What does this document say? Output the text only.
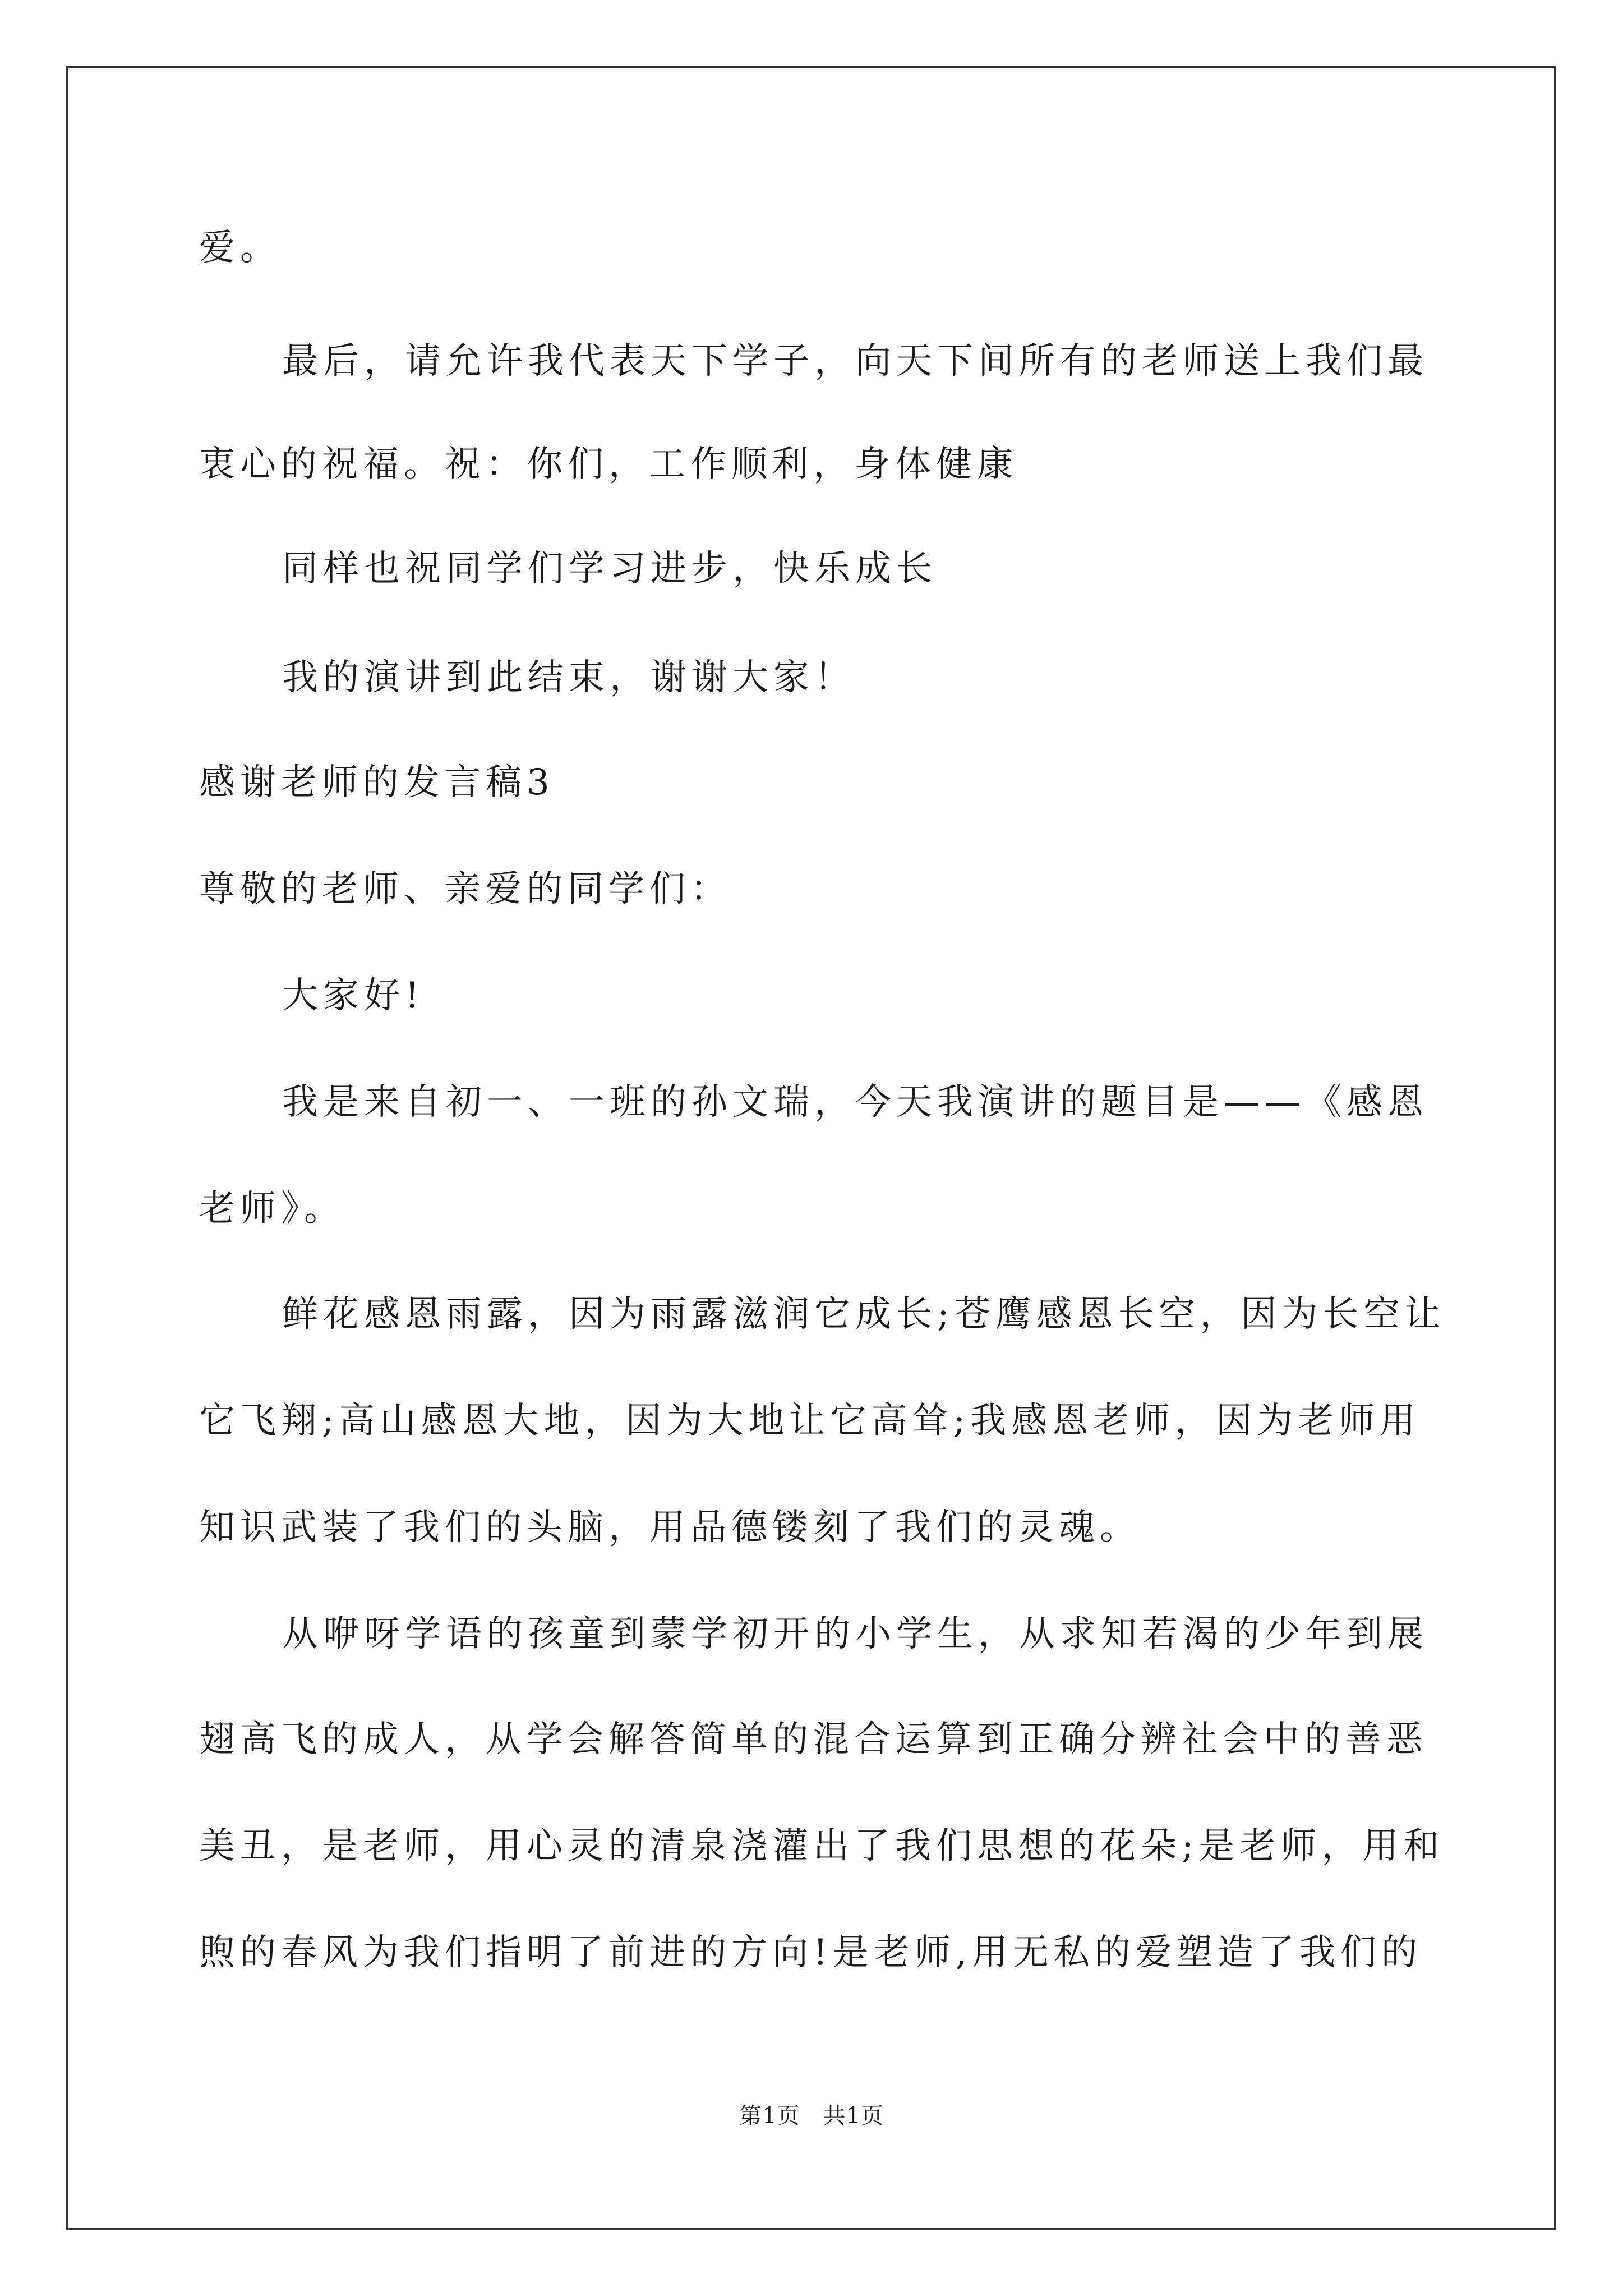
爱。
最后，请允许我代表天下学子，向天下间所有的老师送上我们最
衷心的祝福。祝：你们，工作顺利，身体健康
同样也祝同学们学习进步，快乐成长
我的演讲到此结束，谢谢大家！
感谢老师的发言稿3
尊敬的老师、亲爱的同学们：
大家好!
我是来自初一、一班的孙文瑞，今天我演讲的题目是——《感恩
老师》。
鲜花感恩雨露，因为雨露滋润它成长;苍鹰感恩长空，因为长空让
它飞翔;高山感恩大地，因为大地让它高耸;我感恩老师，因为老师用
知识武装了我们的头脑，用品德镂刻了我们的灵魂。
从咿呀学语的孩童到蒙学初开的小学生，从求知若渴的少年到展
翅高飞的成人，从学会解答简单的混合运算到正确分辨社会中的善恶
美丑，是老师，用心灵的清泉浇灌出了我们思想的花朵;是老师，用和
煦的春风为我们指明了前进的方向!是老师,用无私的爱塑造了我们的
第1页　共1页
